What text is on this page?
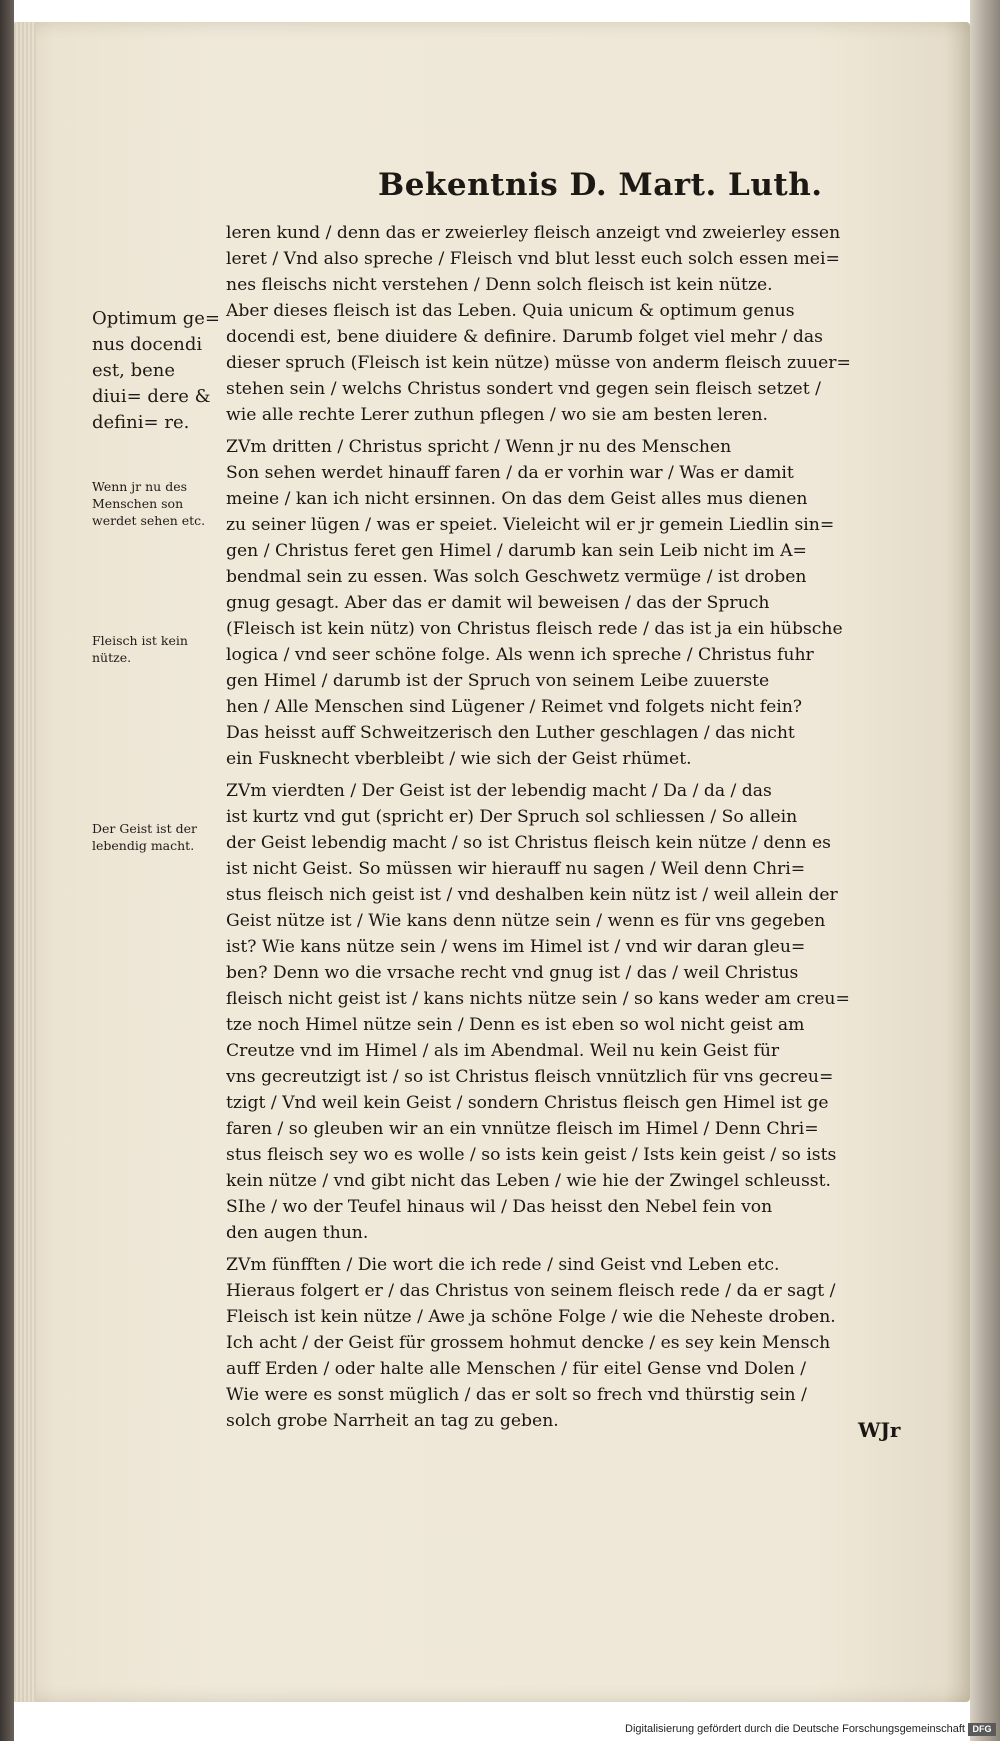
Bekentnis D. Mart. Luth.
leren kund / denn das er zweierley fleisch anzeigt vnd zweierley essen
leret / Vnd also spreche / Fleisch vnd blut lesst euch solch essen mei=
nes fleischs nicht verstehen / Denn solch fleisch ist kein nütze.
Aber dieses fleisch ist das Leben. Quia unicum & optimum genus
docendi est, bene diuidere & definire. Darumb folget viel mehr / das
dieser spruch (Fleisch ist kein nütze) müsse von anderm fleisch zuuer=
stehen sein / welchs Christus sondert vnd gegen sein fleisch setzet /
wie alle rechte Lerer zuthun pflegen / wo sie am besten leren.
ZVm dritten / Christus spricht / Wenn jr nu des Menschen
Son sehen werdet hinauff faren / da er vorhin war / Was er damit
meine / kan ich nicht ersinnen. On das dem Geist alles mus dienen
zu seiner lügen / was er speiet. Vieleicht wil er jr gemein Liedlin sin=
gen / Christus feret gen Himel / darumb kan sein Leib nicht im A=
bendmal sein zu essen. Was solch Geschwetz vermüge / ist droben
gnug gesagt. Aber das er damit wil beweisen / das der Spruch
(Fleisch ist kein nütz) von Christus fleisch rede / das ist ja ein hübsche
logica / vnd seer schöne folge. Als wenn ich spreche / Christus fuhr
gen Himel / darumb ist der Spruch von seinem Leibe zuuerste
hen / Alle Menschen sind Lügener / Reimet vnd folgets nicht fein?
Das heisst auff Schweitzerisch den Luther geschlagen / das nicht
ein Fusknecht vberbleibt / wie sich der Geist rhümet.
ZVm vierdten / Der Geist ist der lebendig macht / Da / da / das
ist kurtz vnd gut (spricht er) Der Spruch sol schliessen / So allein
der Geist lebendig macht / so ist Christus fleisch kein nütze / denn es
ist nicht Geist. So müssen wir hierauff nu sagen / Weil denn Chri=
stus fleisch nich geist ist / vnd deshalben kein nütz ist / weil allein der
Geist nütze ist / Wie kans denn nütze sein / wenn es für vns gegeben
ist? Wie kans nütze sein / wens im Himel ist / vnd wir daran gleu=
ben? Denn wo die vrsache recht vnd gnug ist / das / weil Christus
fleisch nicht geist ist / kans nichts nütze sein / so kans weder am creu=
tze noch Himel nütze sein / Denn es ist eben so wol nicht geist am
Creutze vnd im Himel / als im Abendmal. Weil nu kein Geist für
vns gecreutzigt ist / so ist Christus fleisch vnnützlich für vns gecreu=
tzigt / Vnd weil kein Geist / sondern Christus fleisch gen Himel ist ge
faren / so gleuben wir an ein vnnütze fleisch im Himel / Denn Chri=
stus fleisch sey wo es wolle / so ists kein geist / Ists kein geist / so ists
kein nütze / vnd gibt nicht das Leben / wie hie der Zwingel schleusst.
SIhe / wo der Teufel hinaus wil / Das heisst den Nebel fein von
den augen thun.
ZVm fünfften / Die wort die ich rede / sind Geist vnd Leben etc.
Hieraus folgert er / das Christus von seinem fleisch rede / da er sagt /
Fleisch ist kein nütze / Awe ja schöne Folge / wie die Neheste droben.
Ich acht / der Geist für grossem hohmut dencke / es sey kein Mensch
auff Erden / oder halte alle Menschen / für eitel Gense vnd Dolen /
Wie were es sonst müglich / das er solt so frech vnd thürstig sein /
solch grobe Narrheit an tag zu geben.
Optimum ge= nus docendi est, bene diui= dere & defini= re.
Wenn jr nu des Menschen son werdet sehen etc.
Fleisch ist kein nütze.
Der Geist ist der lebendig macht.
WJr
Digitalisierung gefördert durch die Deutsche Forschungsgemeinschaft DFG
